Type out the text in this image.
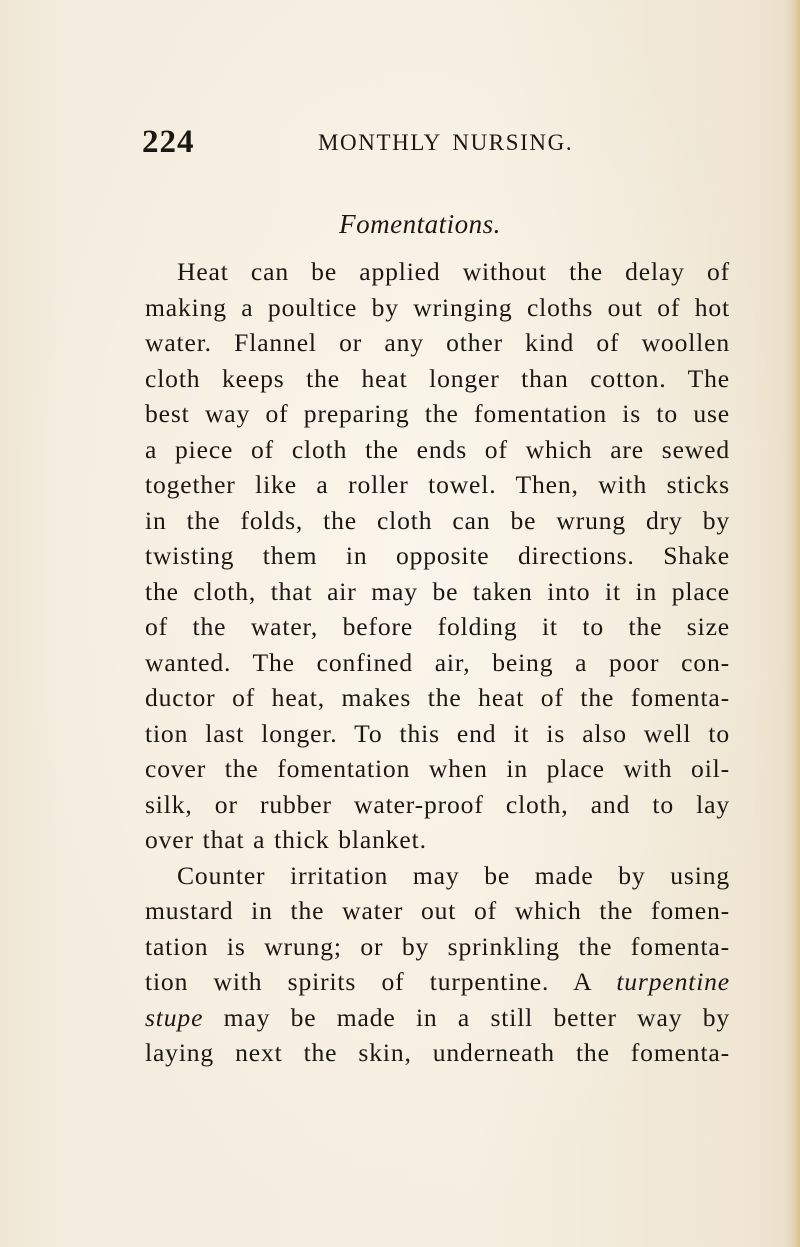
224	MONTHLY NURSING.
Fomentations.
Heat can be applied without the delay of
making a poultice by wringing cloths out of hot
water. Flannel or any other kind of woollen
cloth keeps the heat longer than cotton. The
best way of preparing the fomentation is to use
a piece of cloth the ends of which are sewed
together like a roller towel. Then, with sticks
in the folds, the cloth can be wrung dry by
twisting them in opposite directions. Shake
the cloth, that air may be taken into it in place
of the water, before folding it to the size
wanted. The confined air, being a poor con-
ductor of heat, makes the heat of the fomenta-
tion last longer. To this end it is also well to
cover the fomentation when in place with oil-
silk, or rubber water-proof cloth, and to lay
over that a thick blanket.
Counter irritation may be made by using
mustard in the water out of which the fomen-
tation is wrung; or by sprinkling the fomenta-
tion with spirits of turpentine. A turpentine
stupe may be made in a still better way by
laying next the skin, underneath the fomenta-
